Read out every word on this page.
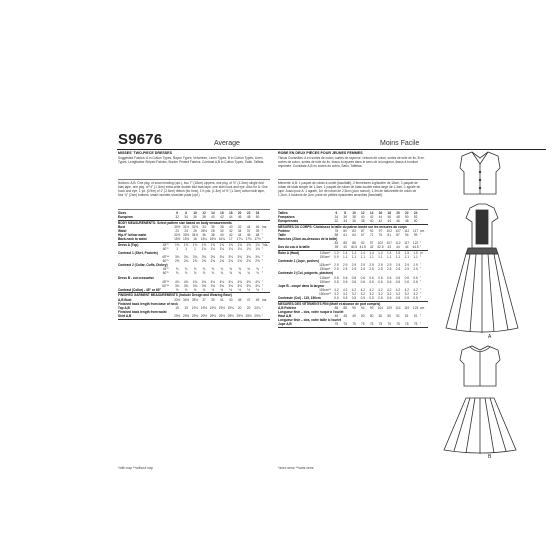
S9676	Average	Moins Facile
MISSES' TWO-PIECE DRESSES
Suggested Fabrics: A in Cotton Types, Rayon Types, Velveteen, Linen Types. B in Cotton Types, Linen Types, Lengthwise Striped Fabrics, Border Printed Fabrics. Contrast A,B in Cotton Types, Satin, Taffeta.
Notions: A,B: One pkg. of seam binding (opt.), two 7" (18cm) zippers, one pkg. of ½" (1.3cm) single fold bias tape, one pkg. of ½" (1.3cm) extra-wide double fold bias tape, one skirt hook and eye. Also for A: One hook and eye, 1 yd. (0.9m) of 1" (2.5cm) ribbon (for bow), 1½ yds. (1.4m) of ½" (1.3cm) cotton twill tape, four ¾" (2cm) buttons, small rounded shoulder pads (opt.)
Sizes	6	8	10	12	14	16	18	20	22	24
European	32	34	36	38	40	42	44	46	48	50
BODY MEASUREMENTS: Select pattern size based on body measurements
Bust	30½ 31½ 32½	34	36	38	40	42	44	46 Ins.
Waist	23	24	25	26½	28	30	32	34	37	39 "
Hip-9" below waist	32½ 33½ 34½	36	38	40	42	44	46	48 "
Back-neck to waist	15½ 15¾	16	16¼ 16½ 16¾	17	17¼ 17⅜ 17½ "
Dress A (Top)	45"*	1⅜	1⅜	1⅜	1⅜	1⅜	1⅜	1⅜	1⅝	1⅝	1⅝ Yds.
60"*	1	1	1	1⅛	1⅛	1⅛	1⅛	1⅛	1⅛	1⅛ "
Contrast 1 (Skirt, Pockets)
45"**	3⅛	3⅛	3⅛	3⅛	3⅛	3⅛	3⅛	3⅜	3⅜	3⅜ "
60"*	2⅝	2⅝	2⅝	2⅝	2⅝	2⅝	2⅝	2⅝	2⅝	2⅝ "
Contrast 2 (Collar, Cuffs, Dickey)
45"*	⅝	⅝	⅝	⅝	⅝	⅝	⅝	⅝	⅝	⅝ "
60"*	⅝	⅝	⅝	⅝	⅝	⅝	⅝	⅝	⅝	⅝ "
Dress B - cut crosswise
45"**	4⅛	4⅛	4⅛	4⅛	4⅛	4⅛	4⅛	4⅜	4⅜	4⅜ "
60"**	3⅜	3⅜	3⅜	3⅜	3⅜	3⅜	3⅜	3⅜	3⅜	3⅜ "
Contrast (Collar) - 45" or 60"	½	½	½	½	½	½	½	½	½	½ "
FINISHED GARMENT MEASUREMENTS (Include Design and Wearing Ease)
A,B Bust	33½ 34½ 35½	37	39	41	43	45	47	49 Ins.
Finished back length from base of neck
Top A,B	19	19	19¼ 19½ 19½ 19½ 19¾	20	20	20¼ "
Finished back length from waist
Skirt A,B	29½ 29½ 29½ 29½ 29½ 29½ 29½ 29½ 29½ 29½ "
ROBE EN DEUX PIÈCES POUR JEUNES FEMMES
Tissus Conseillés: A en sortes de coton, sortes de rayonne, velours de coton, sortes de toile de lin. B en sortes de coton, sortes de toile de lin, tissus à rayures dans le sens de la longueur, tissus à bordure imprimée. Contraste A,B en sortes de coton, Satin, Taffetas.
Mercerie: A,B: 1 paquet de ruban à ourlet (facultatif), 2 fermetures à glissière de 18cm, 1 paquet de ruban de biais simple de 1,3cm, 1 paquet de ruban de biais double extra-large de 1,3cm, 1 agrafe de jupe. Aussi pour A: 1 agrafe, 1m de ruban de 2,5cm (pour noeud), 1,4m de tallonnette de coton de 1,3cm, 4 boutons de 2cm, paire de petites épaulettes arrondies (facultatif).
Tailles	6	8	10	12	14	16	18	20	22	24
Françaises	34	36	38	40	42	44	46	48	50	52
Européennes	32	34	36	38	40	42	44	46	48	50
MESURES DU CORPS: Choisissez la taille du patron basée sur les mesures du corps
Poitrine	78	80	83	87	92	97	102	107	112	117 cm
Taille	58	61	64	67	71	76	81	87	94	99 "
Hanches (23cm au-dessous de la taille)
83	85	88	92	97	102	107	112	117	122 "
Dos du cou à la taille	39	40	40.5 41.5	42	42.5	43	44	44	44.5 "
Robe A (Haut)	115cm*	1.2	1.4	1.4	1.4	1.4	1.4	1.4	1.5	1.5	1.5 m
150cm*	0.9	1.1	1.1	1.1	1.1	1.1	1.1	1.1	1.1	1.1 "
Contraste 1 (Jupe, poches)
115cm**	2.9	2.9	2.9	2.9	2.9	2.9	2.9	2.9	2.9	2.9 "
150cm*	2.5	2.5	2.5	2.5	2.5	2.5	2.5	2.5	2.5	2.5 "
Contraste 2 (Col, poignets, plastron)
115cm*	0.6	0.6	0.6	0.6	0.6	0.6	0.6	0.6	0.6	0.6 "
150cm*	0.6	0.6	0.6	0.6	0.6	0.6	0.6	0.6	0.6	0.6 "
Jupe B - coupé dans la largeur
115cm**	4.2	4.2	4.2	4.2	4.2	4.2	4.2	4.2	4.2	4.2 "
150cm** 3.2	3.2	3.2	3.2	3.2	3.2	3.2	3.2	3.2	3.2 "
Contraste (Col) - 115, 150cm	0.5	0.5	0.5	0.5	0.5	0.5	0.5	0.5	0.5	0.5 "
MESURES DES VÊTEMENTS FINI (Motif et aisance de port compris)
A,B Poitrine	85	88	90	94	99	104	109	114	119	124 cm
Longueur finie – dos, votre nuque à l'ourlet
Haut A,B	48	48	49	50	50	50	50	51	51	51 "
Longueur finie – dos, votre taille à l'ourlet
Jupe A,B	75	75	75	75	75	75	75	75	75	75 "
A
B
*with nap **without nap	*avec sens **sans sens
